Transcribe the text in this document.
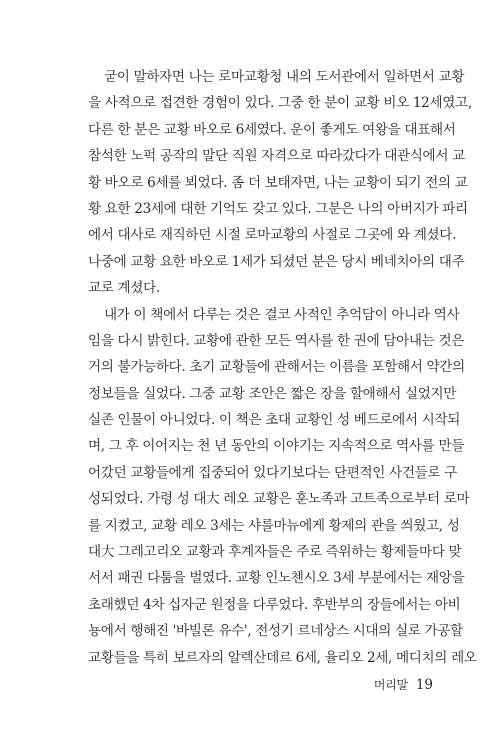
굳이 말하자면 나는 로마교황청 내의 도서관에서 일하면서 교황
을 사적으로 접견한 경험이 있다. 그중 한 분이 교황 비오 12세였고,
다른 한 분은 교황 바오로 6세였다. 운이 좋게도 여왕을 대표해서
참석한 노퍽 공작의 말단 직원 자격으로 따라갔다가 대관식에서 교
황 바오로 6세를 뵈었다. 좀 더 보태자면, 나는 교황이 되기 전의 교
황 요한 23세에 대한 기억도 갖고 있다. 그분은 나의 아버지가 파리
에서 대사로 재직하던 시절 로마교황의 사절로 그곳에 와 계셨다.
나중에 교황 요한 바오로 1세가 되셨던 분은 당시 베네치아의 대주
교로 계셨다.
내가 이 책에서 다루는 것은 결코 사적인 추억담이 아니라 역사
임을 다시 밝힌다. 교황에 관한 모든 역사를 한 권에 담아내는 것은
거의 불가능하다. 초기 교황들에 관해서는 이름을 포함해서 약간의
정보들을 실었다. 그중 교황 조안은 짧은 장을 할애해서 실었지만
실존 인물이 아니었다. 이 책은 초대 교황인 성 베드로에서 시작되
며, 그 후 이어지는 천 년 동안의 이야기는 지속적으로 역사를 만들
어갔던 교황들에게 집중되어 있다기보다는 단편적인 사건들로 구
성되었다. 가령 성 대大 레오 교황은 훈노족과 고트족으로부터 로마
를 지켰고, 교황 레오 3세는 샤를마뉴에게 황제의 관을 씌웠고, 성
대大 그레고리오 교황과 후계자들은 주로 즉위하는 황제들마다 맞
서서 패권 다툼을 벌였다. 교황 인노첸시오 3세 부분에서는 재앙을
초래했던 4차 십자군 원정을 다루었다. 후반부의 장들에서는 아비
뇽에서 행해진 '바빌론 유수', 전성기 르네상스 시대의 실로 가공할
교황들을 특히 보르자의 알렉산데르 6세, 율리오 2세, 메디치의 레오
머리말 19
